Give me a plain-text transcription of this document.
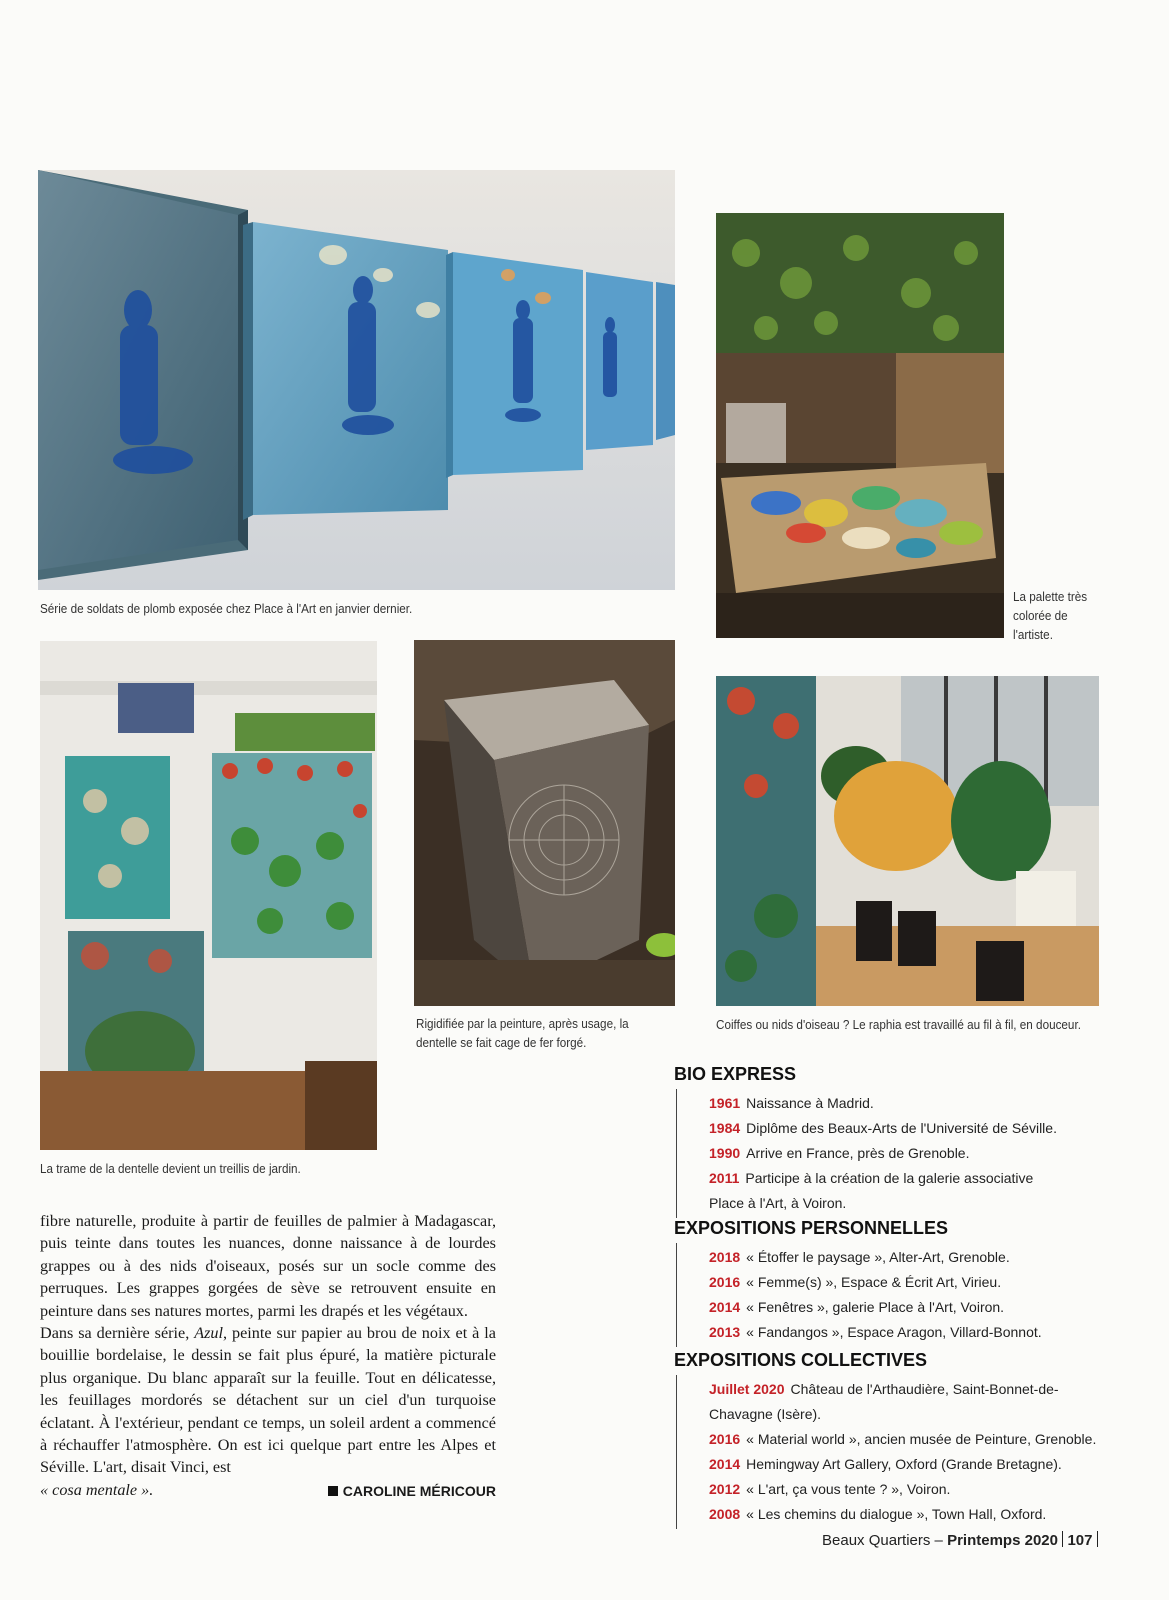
Série de soldats de plomb exposée chez Place à l'Art en janvier dernier.
La palette très colorée de l'artiste.
La trame de la dentelle devient un treillis de jardin.
Rigidifiée par la peinture, après usage, la dentelle se fait cage de fer forgé.
Coiffes ou nids d'oiseau ? Le raphia est travaillé au fil à fil, en douceur.

fibre naturelle, produite à partir de feuilles de palmier à Madagascar, puis teinte dans toutes les nuances, donne naissance à de lourdes grappes ou à des nids d'oiseaux, posés sur un socle comme des perruques. Les grappes gorgées de sève se retrouvent ensuite en peinture dans ses natures mortes, parmi les drapés et les végétaux.

Dans sa dernière série, Azul, peinte sur papier au brou de noix et à la bouillie bordelaise, le dessin se fait plus épuré, la matière picturale plus organique. Du blanc apparaît sur la feuille. Tout en délicatesse, les feuillages mordorés se détachent sur un ciel d'un turquoise éclatant. À l'extérieur, pendant ce temps, un soleil ardent a commencé à réchauffer l'atmosphère. On est ici quelque part entre les Alpes et Séville. L'art, disait Vinci, est

« cosa mentale ».	CAROLINE MÉRICOUR

BIO EXPRESS
1961 Naissance à Madrid.
1984 Diplôme des Beaux-Arts de l'Université de Séville.
1990 Arrive en France, près de Grenoble.
2011 Participe à la création de la galerie associative Place à l'Art, à Voiron.
EXPOSITIONS PERSONNELLES
2018 « Étoffer le paysage », Alter-Art, Grenoble.
2016 « Femme(s) », Espace & Écrit Art, Virieu.
2014 « Fenêtres », galerie Place à l'Art, Voiron.
2013 « Fandangos », Espace Aragon, Villard-Bonnot.
EXPOSITIONS COLLECTIVES
Juillet 2020 Château de l'Arthaudière, Saint-Bonnet-de-Chavagne (Isère).
2016 « Material world », ancien musée de Peinture, Grenoble.
2014 Hemingway Art Gallery, Oxford (Grande Bretagne).
2012 « L'art, ça vous tente ? », Voiron.
2008 « Les chemins du dialogue », Town Hall, Oxford.
Beaux Quartiers – Printemps 2020 107
